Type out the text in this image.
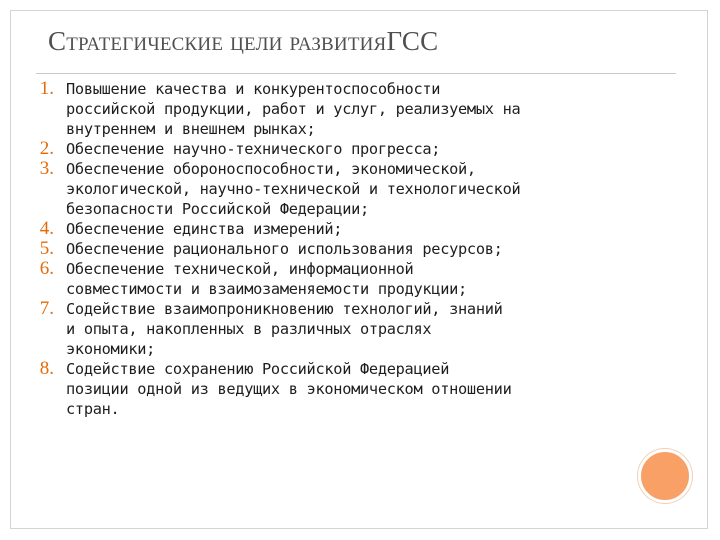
Стратегические цели развитияГСС
1. Повышение качества и конкурентоспособности
российской продукции, работ и услуг, реализуемых на
внутреннем и внешнем рынках;
2. Обеспечение научно-технического прогресса;
3. Обеспечение обороноспособности, экономической,
экологической, научно-технической и технологической
безопасности Российской Федерации;
4. Обеспечение единства измерений;
5. Обеспечение рационального использования ресурсов;
6. Обеспечение технической, информационной
совместимости и взаимозаменяемости продукции;
7. Содействие взаимопроникновению технологий, знаний
и опыта, накопленных в различных отраслях
экономики;
8. Содействие сохранению Российской Федерацией
позиции одной из ведущих в экономическом отношении
стран.
